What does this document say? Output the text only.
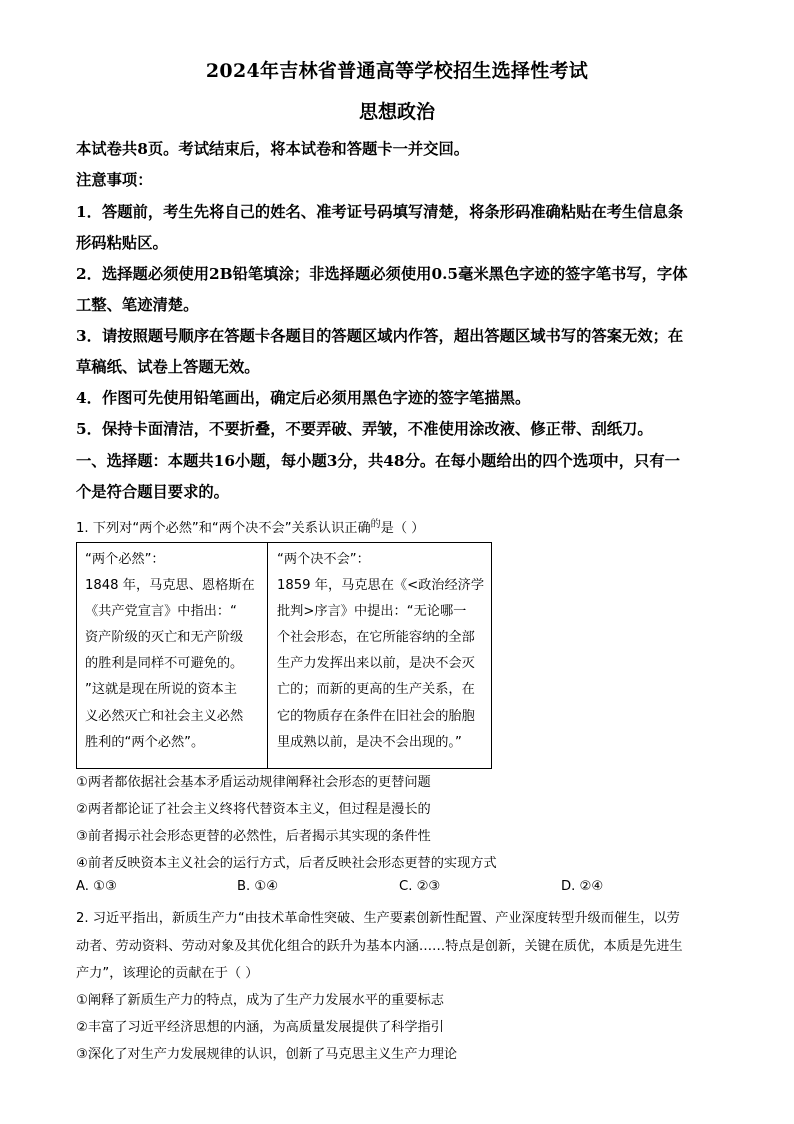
2024年吉林省普通高等学校招生选择性考试
思想政治
本试卷共8页。考试结束后，将本试卷和答题卡一并交回。
注意事项：
1．答题前，考生先将自己的姓名、准考证号码填写清楚，将条形码准确粘贴在考生信息条
形码粘贴区。
2．选择题必须使用2B铅笔填涂；非选择题必须使用0.5毫米黑色字迹的签字笔书写，字体
工整、笔迹清楚。
3．请按照题号顺序在答题卡各题目的答题区域内作答，超出答题区域书写的答案无效；在
草稿纸、试卷上答题无效。
4．作图可先使用铅笔画出，确定后必须用黑色字迹的签字笔描黑。
5．保持卡面清洁，不要折叠，不要弄破、弄皱，不准使用涂改液、修正带、刮纸刀。
一、选择题：本题共16小题，每小题3分，共48分。在每小题给出的四个选项中，只有一
个是符合题目要求的。
1. 下列对“两个必然”和“两个决不会”关系认识正确$^的$是（ ）
“两个必然”：
1848 年，马克思、恩格斯在
《共产党宣言》中指出：“
资产阶级的灭亡和无产阶级
的胜利是同样不可避免的。
”这就是现在所说的资本主
义必然灭亡和社会主义必然
胜利的“两个必然”。
“两个决不会”：
1859 年，马克思在《<政治经济学
批判>序言》中提出：“无论哪一
个社会形态，在它所能容纳的全部
生产力发挥出来以前，是决不会灭
亡的；而新的更高的生产关系，在
它的物质存在条件在旧社会的胎胞
里成熟以前，是决不会出现的。”
①两者都依据社会基本矛盾运动规律阐释社会形态的更替问题
②两者都论证了社会主义终将代替资本主义，但过程是漫长的
③前者揭示社会形态更替的必然性，后者揭示其实现的条件性
④前者反映资本主义社会的运行方式，后者反映社会形态更替的实现方式
A. ①③	B. ①④	C. ②③	D. ②④
2. 习近平指出，新质生产力“由技术革命性突破、生产要素创新性配置、产业深度转型升级而催生，以劳
动者、劳动资料、劳动对象及其优化组合的跃升为基本内涵……特点是创新，关键在质优，本质是先进生
产力”，该理论的贡献在于（ ）
①阐释了新质生产力的特点，成为了生产力发展水平的重要标志
②丰富了习近平经济思想的内涵，为高质量发展提供了科学指引
③深化了对生产力发展规律的认识，创新了马克思主义生产力理论
